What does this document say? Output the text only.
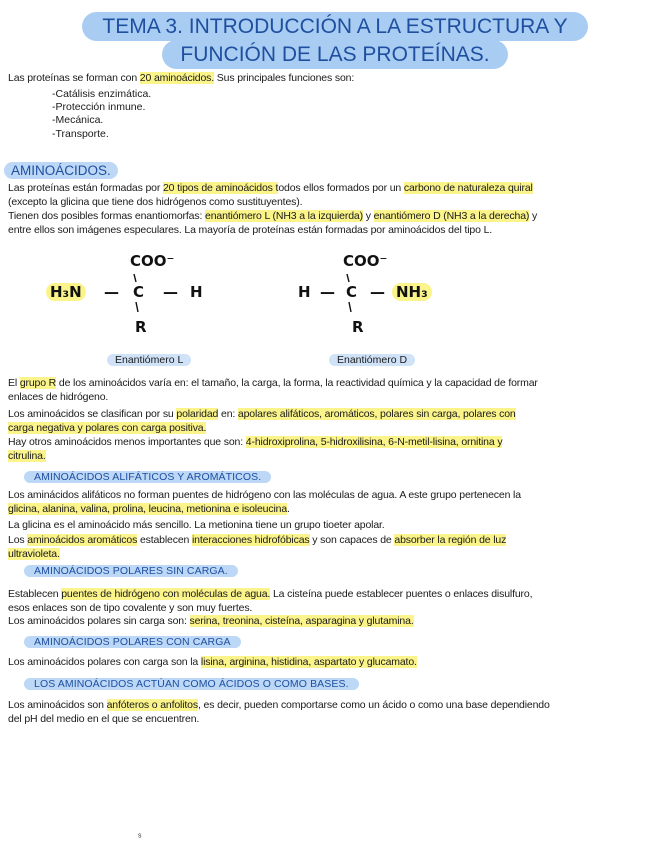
TEMA 3. INTRODUCCIÓN A LA ESTRUCTURA Y
FUNCIÓN DE LAS PROTEÍNAS.
Las proteínas se forman con 20 aminoácidos. Sus principales funciones son:
-Catálisis enzimática.
-Protección inmune.
-Mecánica.
-Transporte.
AMINOÁCIDOS.
Las proteínas están formadas por 20 tipos de aminoácidos todos ellos formados por un carbono de naturaleza quiral
(excepto la glicina que tiene dos hidrógenos como sustituyentes).
Tienen dos posibles formas enantiomorfas: enantiómero L (NH3 a la izquierda) y enantiómero D (NH3 a la derecha) y
entre ellos son imágenes especulares. La mayoría de proteínas están formadas por aminoácidos del tipo L.
COO⁻
H₃N — C — H
R
Enantiómero L
COO⁻
H — C — NH₃
R
Enantiómero D
El grupo R de los aminoácidos varía en: el tamaño, la carga, la forma, la reactividad química y la capacidad de formar
enlaces de hidrógeno.
Los aminoácidos se clasifican por su polaridad en: apolares alifáticos, aromáticos, polares sin carga, polares con
carga negativa y polares con carga positiva.
Hay otros aminoácidos menos importantes que son: 4-hidroxiprolina, 5-hidroxilisina, 6-N-metil-lisina, ornitina y
citrulina.
AMINOÁCIDOS ALIFÁTICOS Y AROMÁTICOS.
Los aminácidos alifáticos no forman puentes de hidrógeno con las moléculas de agua. A este grupo pertenecen la
glicina, alanina, valina, prolina, leucina, metionina e isoleucina.
La glicina es el aminoácido más sencillo. La metionina tiene un grupo tioeter apolar.
Los aminoácidos aromáticos establecen interacciones hidrofóbicas y son capaces de absorber la región de luz
ultravioleta.
AMINOÁCIDOS POLARES SIN CARGA.
Establecen puentes de hidrógeno con moléculas de agua. La cisteína puede establecer puentes o enlaces disulfuro,
esos enlaces son de tipo covalente y son muy fuertes.
Los aminoácidos polares sin carga son: serina, treonina, cisteína, asparagina y glutamina.
AMINOÁCIDOS POLARES CON CARGA
Los aminoácidos polares con carga son la lisina, arginina, histidina, aspartato y glucamato.
LOS AMINOÁCIDOS ACTÚAN COMO ÁCIDOS O COMO BASES.
Los aminoácidos son anfóteros o anfolitos, es decir, pueden comportarse como un ácido o como una base dependiendo
del pH del medio en el que se encuentren.
ˢ
